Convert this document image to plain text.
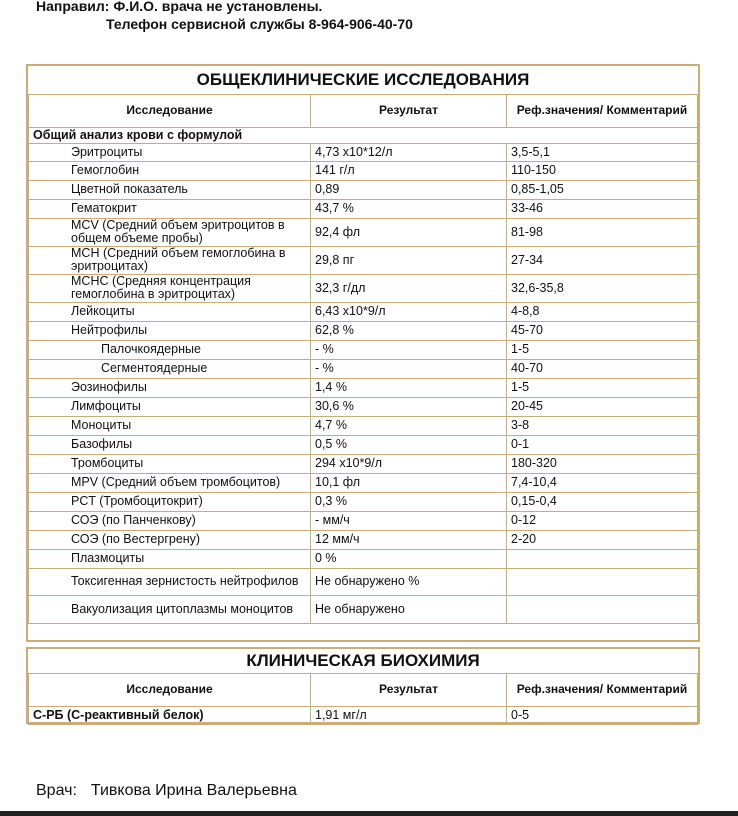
Направил: Ф.И.О. врача не установлены.
Телефон сервисной службы 8-964-906-40-70
ОБЩЕКЛИНИЧЕСКИЕ ИССЛЕДОВАНИЯ		
Исследование	Результат	Реф.значения/ Комментарий
Общий анализ крови с формулой		
Эритроциты	4,73 х10*12/л	3,5-5,1
Гемоглобин	141 г/л	110-150
Цветной показатель	0,89	0,85-1,05
Гематокрит	43,7 %	33-46
MCV (Средний объем эритроцитов в общем объеме пробы)	92,4 фл	81-98
MCH (Средний объем гемоглобина в эритроцитах)	29,8 пг	27-34
MCHC (Средняя концентрация гемоглобина в эритроцитах)	32,3 г/дл	32,6-35,8
Лейкоциты	6,43 х10*9/л	4-8,8
Нейтрофилы	62,8 %	45-70
Палочкоядерные	- %	1-5
Сегментоядерные	- %	40-70
Эозинофилы	1,4 %	1-5
Лимфоциты	30,6 %	20-45
Моноциты	4,7 %	3-8
Базофилы	0,5 %	0-1
Тромбоциты	294 х10*9/л	180-320
MPV (Средний объем тромбоцитов)	10,1 фл	7,4-10,4
PCT (Тромбоцитокрит)	0,3 %	0,15-0,4
СОЭ (по Панченкову)	- мм/ч	0-12
СОЭ (по Вестергрену)	12 мм/ч	2-20
Плазмоциты	0 %	
Токсигенная зернистость нейтрофилов	Не обнаружено %	
Вакуолизация цитоплазмы моноцитов	Не обнаружено	
КЛИНИЧЕСКАЯ БИОХИМИЯ		
Исследование	Результат	Реф.значения/ Комментарий
С-РБ (С-реактивный белок)	1,91 мг/л	0-5
Врач: Тивкова Ирина Валерьевна
